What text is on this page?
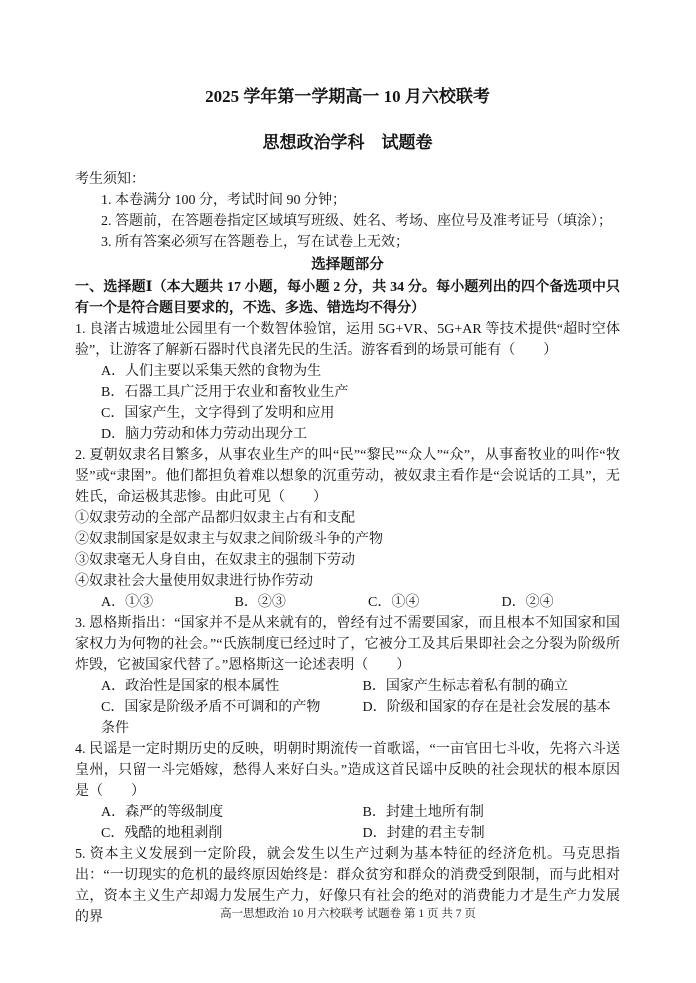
2025 学年第一学期高一 10 月六校联考
思想政治学科　试题卷
考生须知：
1. 本卷满分 100 分，考试时间 90 分钟；
2. 答题前，在答题卷指定区域填写班级、姓名、考场、座位号及准考证号（填涂）；
3. 所有答案必须写在答题卷上，写在试卷上无效；
选择题部分
一、选择题Ⅰ（本大题共 17 小题，每小题 2 分，共 34 分。每小题列出的四个备选项中只有一个是符合题目要求的，不选、多选、错选均不得分）

1. 良渚古城遗址公园里有一个数智体验馆，运用 5G+VR、5G+AR 等技术提供“超时空体验”，让游客了解新石器时代良渚先民的生活。游客看到的场景可能有（　　）

A．人们主要以采集天然的食物为生

B．石器工具广泛用于农业和畜牧业生产

C．国家产生，文字得到了发明和应用

D．脑力劳动和体力劳动出现分工

2. 夏朝奴隶名目繁多，从事农业生产的叫“民”“黎民”“众人”“众”，从事畜牧业的叫作“牧竖”或“隶圉”。他们都担负着难以想象的沉重劳动，被奴隶主看作是“会说话的工具”，无姓氏，命运极其悲惨。由此可见（　　）

①奴隶劳动的全部产品都归奴隶主占有和支配

②奴隶制国家是奴隶主与奴隶之间阶级斗争的产物

③奴隶毫无人身自由，在奴隶主的强制下劳动

④奴隶社会大量使用奴隶进行协作劳动

A．①③	B．②③	C．①④	D．②④

3. 恩格斯指出：“国家并不是从来就有的，曾经有过不需要国家，而且根本不知国家和国家权力为何物的社会。”“氏族制度已经过时了，它被分工及其后果即社会之分裂为阶级所炸毁，它被国家代替了。”恩格斯这一论述表明（　　）

A．政治性是国家的根本属性	B．国家产生标志着私有制的确立

C．国家是阶级矛盾不可调和的产物	D．阶级和国家的存在是社会发展的基本条件

4. 民谣是一定时期历史的反映，明朝时期流传一首歌谣，“一亩官田七斗收，先将六斗送皇州，只留一斗完婚嫁，愁得人来好白头。”造成这首民谣中反映的社会现状的根本原因是（　　）

A．森严的等级制度	B．封建土地所有制

C．残酷的地租剥削	D．封建的君主专制

5. 资本主义发展到一定阶段，就会发生以生产过剩为基本特征的经济危机。马克思指出：“一切现实的危机的最终原因始终是：群众贫穷和群众的消费受到限制，而与此相对立，资本主义生产却竭力发展生产力，好像只有社会的绝对的消费能力才是生产力发展的界	高一思想政治 10 月六校联考 试题卷 第 1 页 共 7 页
